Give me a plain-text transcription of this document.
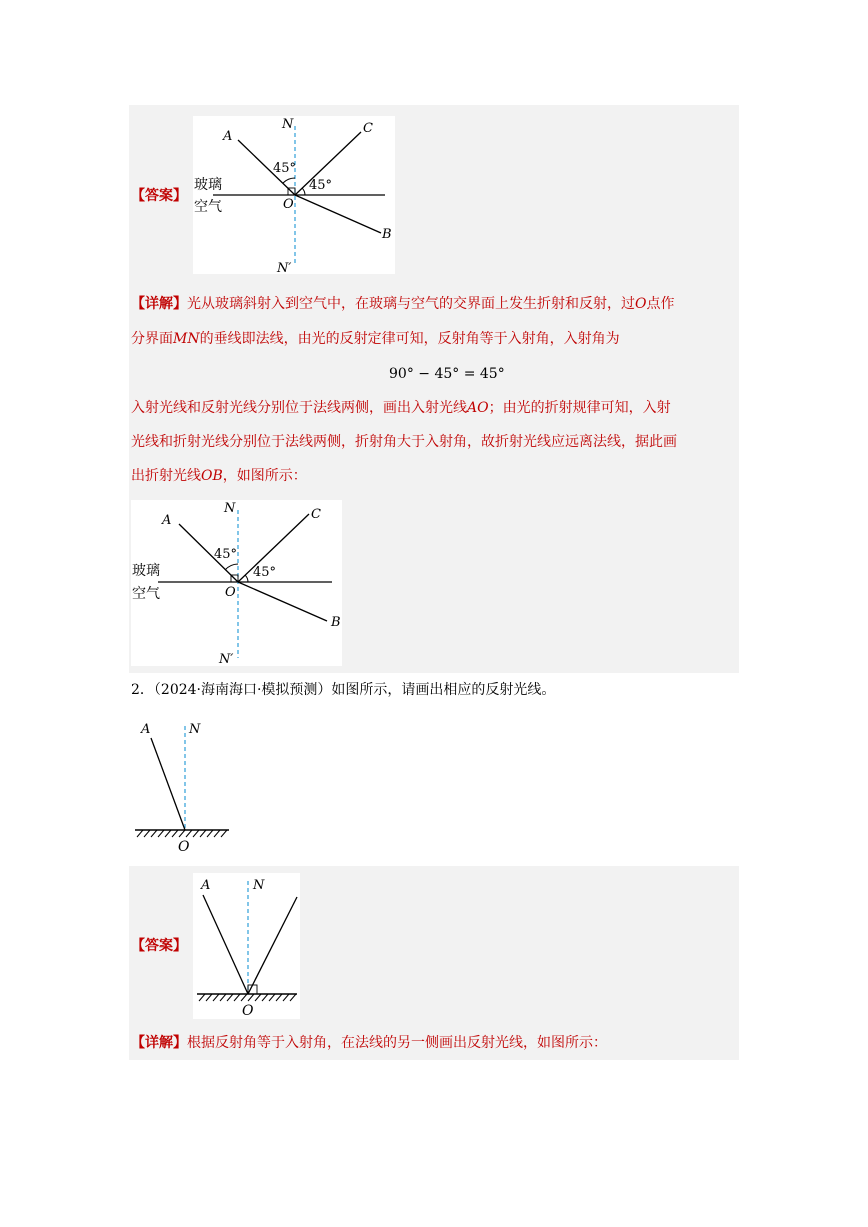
【答案】
A
N	C
O
B
N′
45°
45°
玻璃
空气
【详解】光从玻璃斜射入到空气中，在玻璃与空气的交界面上发生折射和反射，过O点作
分界面MN的垂线即法线，由光的反射定律可知，反射角等于入射角，入射角为
90° − 45° = 45°
入射光线和反射光线分别位于法线两侧，画出入射光线AO；由光的折射规律可知，入射
光线和折射光线分别位于法线两侧，折射角大于入射角，故折射光线应远离法线，据此画
出折射光线OB，如图所示：
A
N	C
O
B
N′
45°
45°
玻璃
空气
2．（2024·海南海口·模拟预测）如图所示，请画出相应的反射光线。
A	N
O
【答案】
A	N
O
【详解】根据反射角等于入射角，在法线的另一侧画出反射光线，如图所示：
